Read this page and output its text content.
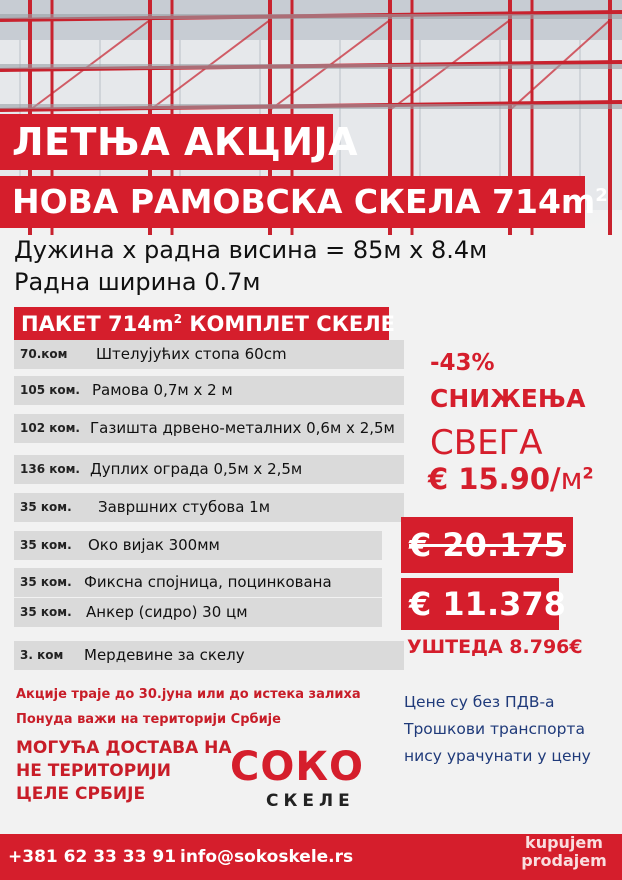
ЛЕТЊА АКЦИЈА
НОВА РАМОВСКА СКЕЛА $714m^2$
Дужина x радна висина = 85м x 8.4м
Радна ширина 0.7м
ПАКЕТ $714m^2$ КОМПЛЕТ СКЕЛЕ
70.ком Штелујућих стопа 60cm
105 ком. Рамова 0,7м x 2 м
102 ком. Газишта дрвено-металних 0,6м x 2,5м
136 ком. Дуплих ограда 0,5м x 2,5м
35 ком. Завршних стубова 1м
35 ком. Око вијак 300мм
35 ком. Фиксна спојница, поцинкована
35 ком. Анкер (сидро) 30 цм
3. ком Мердевине за скелу
-43%
СНИЖЕЊА
СВЕГА
€ $15.90/м^2$
€ 20.175
€ 11.378
УШТЕДА 8.796€
Акције траје до 30.јуна или до истека залиха
Понуда важи на територији Србије
Цене су без ПДВ-а
Трошкови транспорта
нису урачунати у цену
МОГУЋА ДОСТАВА НА
НЕ ТЕРИТОРИЈИ
ЦЕЛЕ СРБИЈЕ
СОКО
СКЕЛЕ
+381 62 33 33 91 info@sokoskele.rs
kupujem
prodajem
